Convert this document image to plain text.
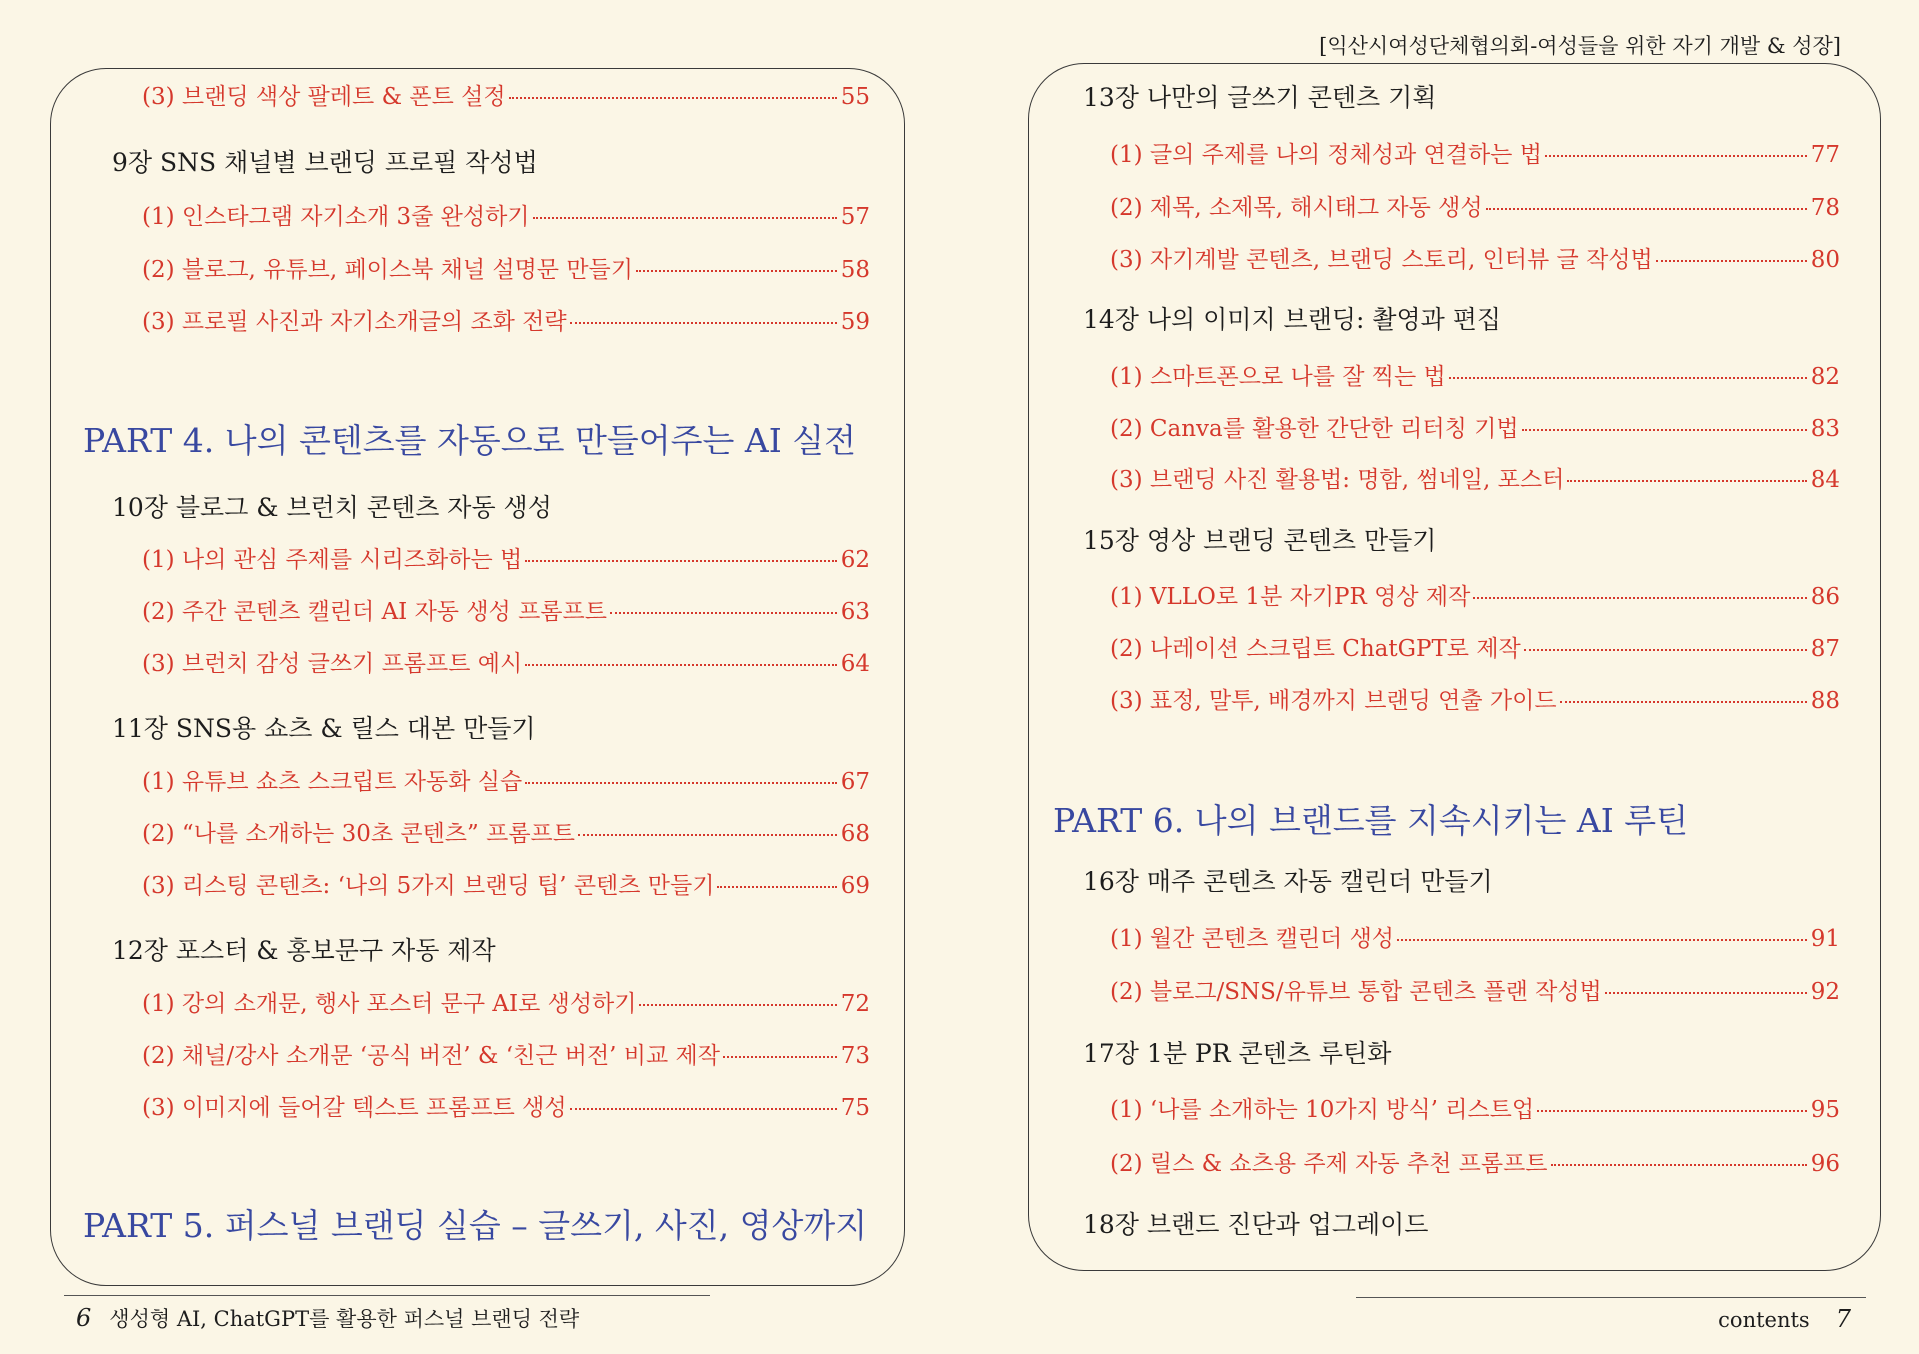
[익산시여성단체협의회-여성들을 위한 자기 개발 & 성장]
(3) 브랜딩 색상 팔레트 & 폰트 설정	55
9장 SNS 채널별 브랜딩 프로필 작성법
(1) 인스타그램 자기소개 3줄 완성하기	57
(2) 블로그, 유튜브, 페이스북 채널 설명문 만들기	58
(3) 프로필 사진과 자기소개글의 조화 전략	59
PART 4. 나의 콘텐츠를 자동으로 만들어주는 AI 실전
10장 블로그 & 브런치 콘텐츠 자동 생성
(1) 나의 관심 주제를 시리즈화하는 법	62
(2) 주간 콘텐츠 캘린더 AI 자동 생성 프롬프트	63
(3) 브런치 감성 글쓰기 프롬프트 예시	64
11장 SNS용 쇼츠 & 릴스 대본 만들기
(1) 유튜브 쇼츠 스크립트 자동화 실습	67
(2) “나를 소개하는 30초 콘텐츠” 프롬프트	68
(3) 리스팅 콘텐츠: ‘나의 5가지 브랜딩 팁’ 콘텐츠 만들기	69
12장 포스터 & 홍보문구 자동 제작
(1) 강의 소개문, 행사 포스터 문구 AI로 생성하기	72
(2) 채널/강사 소개문 ‘공식 버전’ & ‘친근 버전’ 비교 제작	73
(3) 이미지에 들어갈 텍스트 프롬프트 생성	75
PART 5. 퍼스널 브랜딩 실습 – 글쓰기, 사진, 영상까지
13장 나만의 글쓰기 콘텐츠 기획
(1) 글의 주제를 나의 정체성과 연결하는 법	77
(2) 제목, 소제목, 해시태그 자동 생성	78
(3) 자기계발 콘텐츠, 브랜딩 스토리, 인터뷰 글 작성법	80
14장 나의 이미지 브랜딩: 촬영과 편집
(1) 스마트폰으로 나를 잘 찍는 법	82
(2) Canva를 활용한 간단한 리터칭 기법	83
(3) 브랜딩 사진 활용법: 명함, 썸네일, 포스터	84
15장 영상 브랜딩 콘텐츠 만들기
(1) VLLO로 1분 자기PR 영상 제작	86
(2) 나레이션 스크립트 ChatGPT로 제작	87
(3) 표정, 말투, 배경까지 브랜딩 연출 가이드	88
PART 6. 나의 브랜드를 지속시키는 AI 루틴
16장 매주 콘텐츠 자동 캘린더 만들기
(1) 월간 콘텐츠 캘린더 생성	91
(2) 블로그/SNS/유튜브 통합 콘텐츠 플랜 작성법	92
17장 1분 PR 콘텐츠 루틴화
(1) ‘나를 소개하는 10가지 방식’ 리스트업	95
(2) 릴스 & 쇼츠용 주제 자동 추천 프롬프트	96
18장 브랜드 진단과 업그레이드
6 생성형 AI, ChatGPT를 활용한 퍼스널 브랜딩 전략	contents 7
